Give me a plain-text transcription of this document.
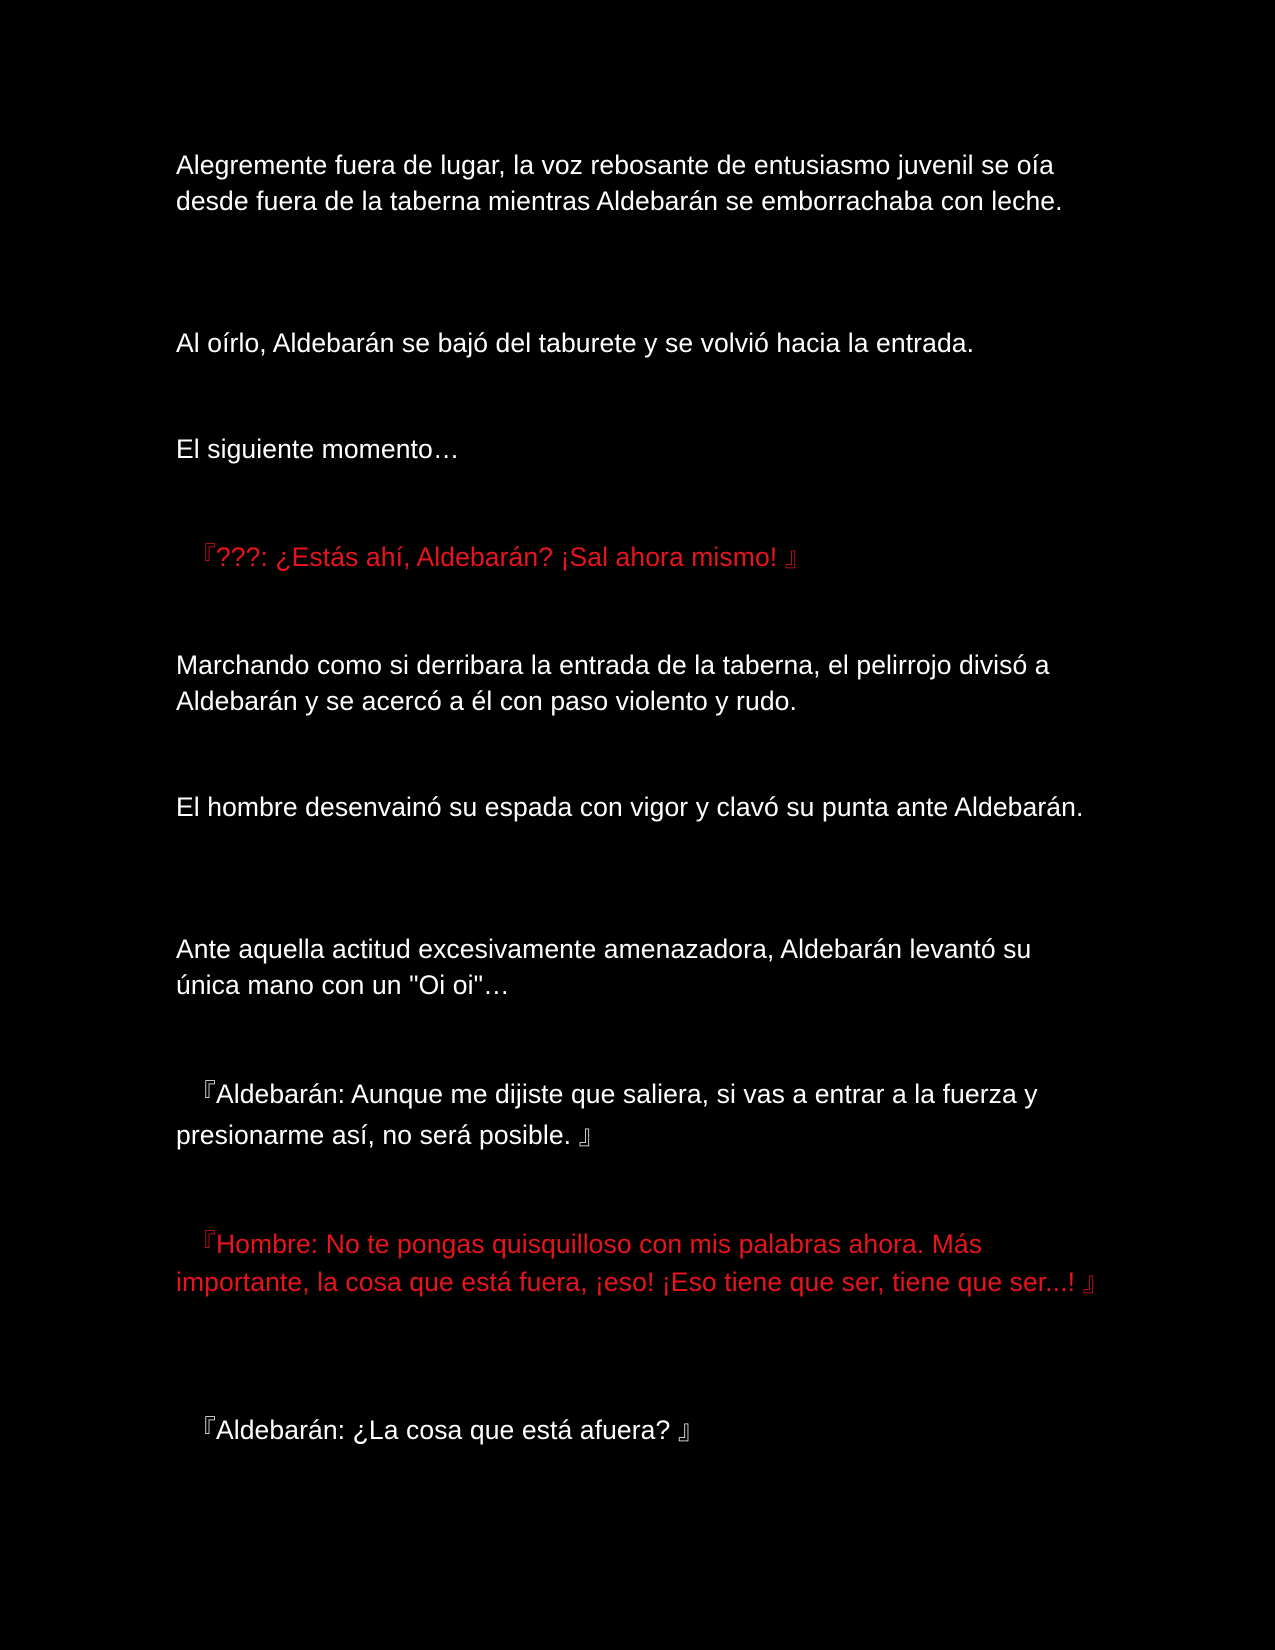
Alegremente fuera de lugar, la voz rebosante de entusiasmo juvenil se oía desde fuera de la taberna mientras Aldebarán se emborrachaba con leche.

Al oírlo, Aldebarán se bajó del taburete y se volvió hacia la entrada.

El siguiente momento…

　『???: ¿Estás ahí, Aldebarán? ¡Sal ahora mismo! 』

Marchando como si derribara la entrada de la taberna, el pelirrojo divisó a Aldebarán y se acercó a él con paso violento y rudo.

El hombre desenvainó su espada con vigor y clavó su punta ante Aldebarán.

Ante aquella actitud excesivamente amenazadora, Aldebarán levantó su única mano con un "Oi oi"…

　『Aldebarán: Aunque me dijiste que saliera, si vas a entrar a la fuerza y presionarme así, no será posible. 』

　『Hombre: No te pongas quisquilloso con mis palabras ahora. Más importante, la cosa que está fuera, ¡eso! ¡Eso tiene que ser, tiene que ser...! 』

　『Aldebarán: ¿La cosa que está afuera? 』
